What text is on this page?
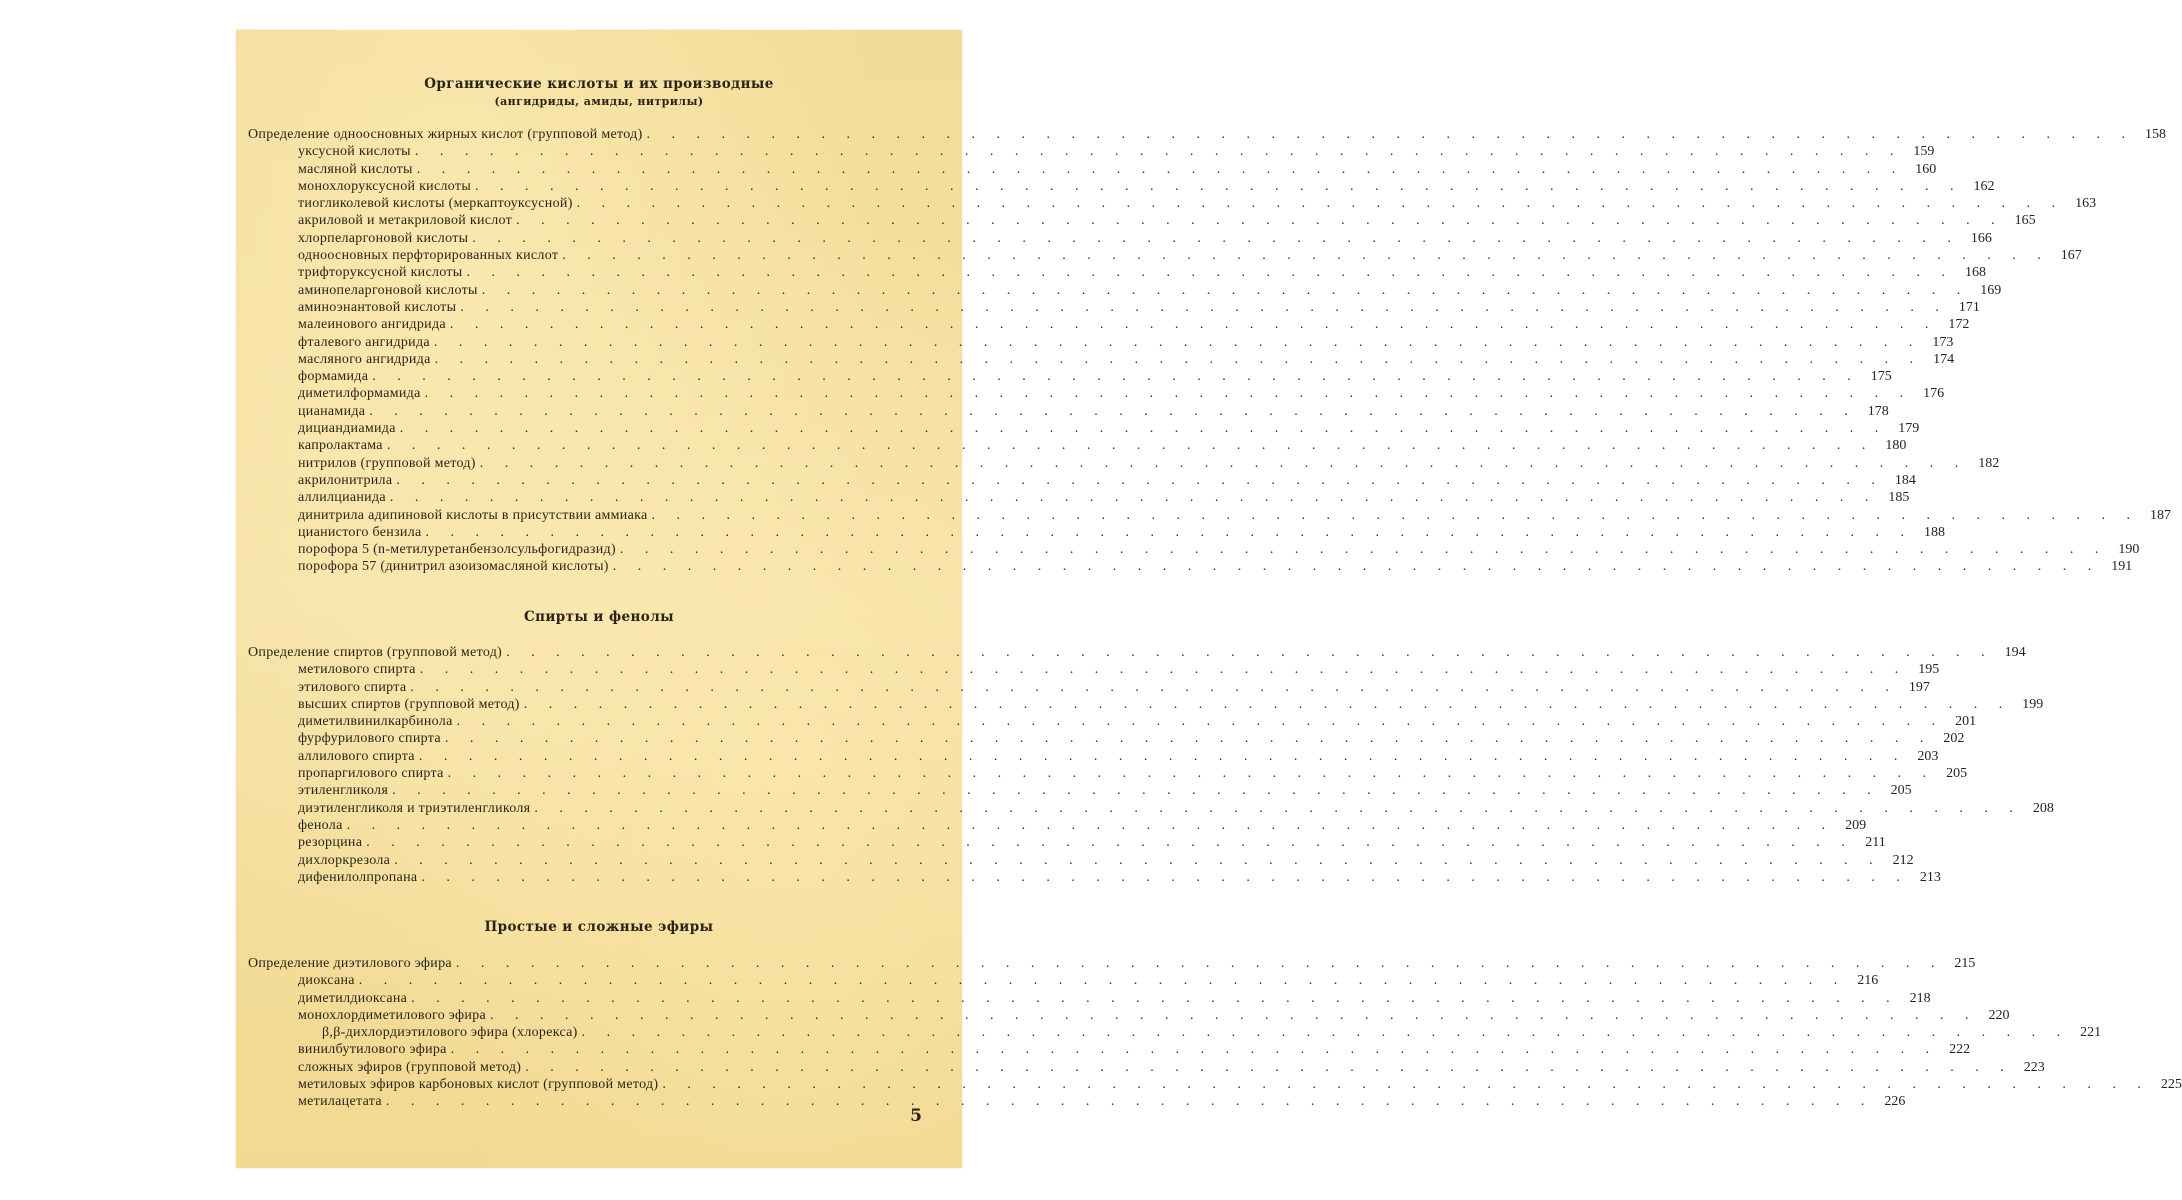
Органические кислоты и их производные
(ангидриды, амиды, нитрилы)
Определение одноосновных жирных кислот (групповой метод) . . . . . . . . . . . . . . . . . . . . . . . . . . . . . . . . . . . . . . . . . . . . . . . . . . . . . . . . . . . . 158
уксусной кислоты . . . . . . . . . . . . . . . . . . . . . . . . . . . . . . . . . . . . . . . . . . . . . . . . . . . . . . . . . . . . 159
масляной кислоты . . . . . . . . . . . . . . . . . . . . . . . . . . . . . . . . . . . . . . . . . . . . . . . . . . . . . . . . . . . . 160
монохлоруксусной кислоты . . . . . . . . . . . . . . . . . . . . . . . . . . . . . . . . . . . . . . . . . . . . . . . . . . . . . . . . . . . . 162
тиогликолевой кислоты (меркаптоуксусной) . . . . . . . . . . . . . . . . . . . . . . . . . . . . . . . . . . . . . . . . . . . . . . . . . . . . . . . . . . . . 163
акриловой и метакриловой кислот . . . . . . . . . . . . . . . . . . . . . . . . . . . . . . . . . . . . . . . . . . . . . . . . . . . . . . . . . . . . 165
хлорпеларгоновой кислоты . . . . . . . . . . . . . . . . . . . . . . . . . . . . . . . . . . . . . . . . . . . . . . . . . . . . . . . . . . . . 166
одноосновных перфторированных кислот . . . . . . . . . . . . . . . . . . . . . . . . . . . . . . . . . . . . . . . . . . . . . . . . . . . . . . . . . . . . 167
трифторуксусной кислоты . . . . . . . . . . . . . . . . . . . . . . . . . . . . . . . . . . . . . . . . . . . . . . . . . . . . . . . . . . . . 168
аминопеларгоновой кислоты . . . . . . . . . . . . . . . . . . . . . . . . . . . . . . . . . . . . . . . . . . . . . . . . . . . . . . . . . . . . 169
аминоэнантовой кислоты . . . . . . . . . . . . . . . . . . . . . . . . . . . . . . . . . . . . . . . . . . . . . . . . . . . . . . . . . . . . 171
малеинового ангидрида . . . . . . . . . . . . . . . . . . . . . . . . . . . . . . . . . . . . . . . . . . . . . . . . . . . . . . . . . . . . 172
фталевого ангидрида . . . . . . . . . . . . . . . . . . . . . . . . . . . . . . . . . . . . . . . . . . . . . . . . . . . . . . . . . . . . 173
масляного ангидрида . . . . . . . . . . . . . . . . . . . . . . . . . . . . . . . . . . . . . . . . . . . . . . . . . . . . . . . . . . . . 174
формамида . . . . . . . . . . . . . . . . . . . . . . . . . . . . . . . . . . . . . . . . . . . . . . . . . . . . . . . . . . . . 175
диметилформамида . . . . . . . . . . . . . . . . . . . . . . . . . . . . . . . . . . . . . . . . . . . . . . . . . . . . . . . . . . . . 176
цианамида . . . . . . . . . . . . . . . . . . . . . . . . . . . . . . . . . . . . . . . . . . . . . . . . . . . . . . . . . . . . 178
дициандиамида . . . . . . . . . . . . . . . . . . . . . . . . . . . . . . . . . . . . . . . . . . . . . . . . . . . . . . . . . . . . 179
капролактама . . . . . . . . . . . . . . . . . . . . . . . . . . . . . . . . . . . . . . . . . . . . . . . . . . . . . . . . . . . . 180
нитрилов (групповой метод) . . . . . . . . . . . . . . . . . . . . . . . . . . . . . . . . . . . . . . . . . . . . . . . . . . . . . . . . . . . . 182
акрилонитрила . . . . . . . . . . . . . . . . . . . . . . . . . . . . . . . . . . . . . . . . . . . . . . . . . . . . . . . . . . . . 184
аллилцианида . . . . . . . . . . . . . . . . . . . . . . . . . . . . . . . . . . . . . . . . . . . . . . . . . . . . . . . . . . . . 185
динитрила адипиновой кислоты в присутствии аммиака . . . . . . . . . . . . . . . . . . . . . . . . . . . . . . . . . . . . . . . . . . . . . . . . . . . . . . . . . . . . 187
цианистого бензила . . . . . . . . . . . . . . . . . . . . . . . . . . . . . . . . . . . . . . . . . . . . . . . . . . . . . . . . . . . . 188
порофора 5 (n-метилуретанбензолсульфогидразид) . . . . . . . . . . . . . . . . . . . . . . . . . . . . . . . . . . . . . . . . . . . . . . . . . . . . . . . . . . . . 190
порофора 57 (динитрил азоизомасляной кислоты) . . . . . . . . . . . . . . . . . . . . . . . . . . . . . . . . . . . . . . . . . . . . . . . . . . . . . . . . . . . . 191
Спирты и фенолы
Определение спиртов (групповой метод) . . . . . . . . . . . . . . . . . . . . . . . . . . . . . . . . . . . . . . . . . . . . . . . . . . . . . . . . . . . . 194
метилового спирта . . . . . . . . . . . . . . . . . . . . . . . . . . . . . . . . . . . . . . . . . . . . . . . . . . . . . . . . . . . . 195
этилового спирта . . . . . . . . . . . . . . . . . . . . . . . . . . . . . . . . . . . . . . . . . . . . . . . . . . . . . . . . . . . . 197
высших спиртов (групповой метод) . . . . . . . . . . . . . . . . . . . . . . . . . . . . . . . . . . . . . . . . . . . . . . . . . . . . . . . . . . . . 199
диметилвинилкарбинола . . . . . . . . . . . . . . . . . . . . . . . . . . . . . . . . . . . . . . . . . . . . . . . . . . . . . . . . . . . . 201
фурфурилового спирта . . . . . . . . . . . . . . . . . . . . . . . . . . . . . . . . . . . . . . . . . . . . . . . . . . . . . . . . . . . . 202
аллилового спирта . . . . . . . . . . . . . . . . . . . . . . . . . . . . . . . . . . . . . . . . . . . . . . . . . . . . . . . . . . . . 203
пропаргилового спирта . . . . . . . . . . . . . . . . . . . . . . . . . . . . . . . . . . . . . . . . . . . . . . . . . . . . . . . . . . . . 205
этиленгликоля . . . . . . . . . . . . . . . . . . . . . . . . . . . . . . . . . . . . . . . . . . . . . . . . . . . . . . . . . . . . 205
диэтиленгликоля и триэтиленгликоля . . . . . . . . . . . . . . . . . . . . . . . . . . . . . . . . . . . . . . . . . . . . . . . . . . . . . . . . . . . . 208
фенола . . . . . . . . . . . . . . . . . . . . . . . . . . . . . . . . . . . . . . . . . . . . . . . . . . . . . . . . . . . . 209
резорцина . . . . . . . . . . . . . . . . . . . . . . . . . . . . . . . . . . . . . . . . . . . . . . . . . . . . . . . . . . . . 211
дихлоркрезола . . . . . . . . . . . . . . . . . . . . . . . . . . . . . . . . . . . . . . . . . . . . . . . . . . . . . . . . . . . . 212
дифенилолпропана . . . . . . . . . . . . . . . . . . . . . . . . . . . . . . . . . . . . . . . . . . . . . . . . . . . . . . . . . . . . 213
Простые и сложные эфиры
Определение диэтилового эфира . . . . . . . . . . . . . . . . . . . . . . . . . . . . . . . . . . . . . . . . . . . . . . . . . . . . . . . . . . . . 215
диоксана . . . . . . . . . . . . . . . . . . . . . . . . . . . . . . . . . . . . . . . . . . . . . . . . . . . . . . . . . . . . 216
диметилдиоксана . . . . . . . . . . . . . . . . . . . . . . . . . . . . . . . . . . . . . . . . . . . . . . . . . . . . . . . . . . . . 218
монохлордиметилового эфира . . . . . . . . . . . . . . . . . . . . . . . . . . . . . . . . . . . . . . . . . . . . . . . . . . . . . . . . . . . . 220
β,β-дихлордиэтилового эфира (хлорекса) . . . . . . . . . . . . . . . . . . . . . . . . . . . . . . . . . . . . . . . . . . . . . . . . . . . . . . . . . . . . 221
винилбутилового эфира . . . . . . . . . . . . . . . . . . . . . . . . . . . . . . . . . . . . . . . . . . . . . . . . . . . . . . . . . . . . 222
сложных эфиров (групповой метод) . . . . . . . . . . . . . . . . . . . . . . . . . . . . . . . . . . . . . . . . . . . . . . . . . . . . . . . . . . . . 223
метиловых эфиров карбоновых кислот (групповой метод) . . . . . . . . . . . . . . . . . . . . . . . . . . . . . . . . . . . . . . . . . . . . . . . . . . . . . . . . . . . . 225
метилацетата . . . . . . . . . . . . . . . . . . . . . . . . . . . . . . . . . . . . . . . . . . . . . . . . . . . . . . . . . . . . 226
5
